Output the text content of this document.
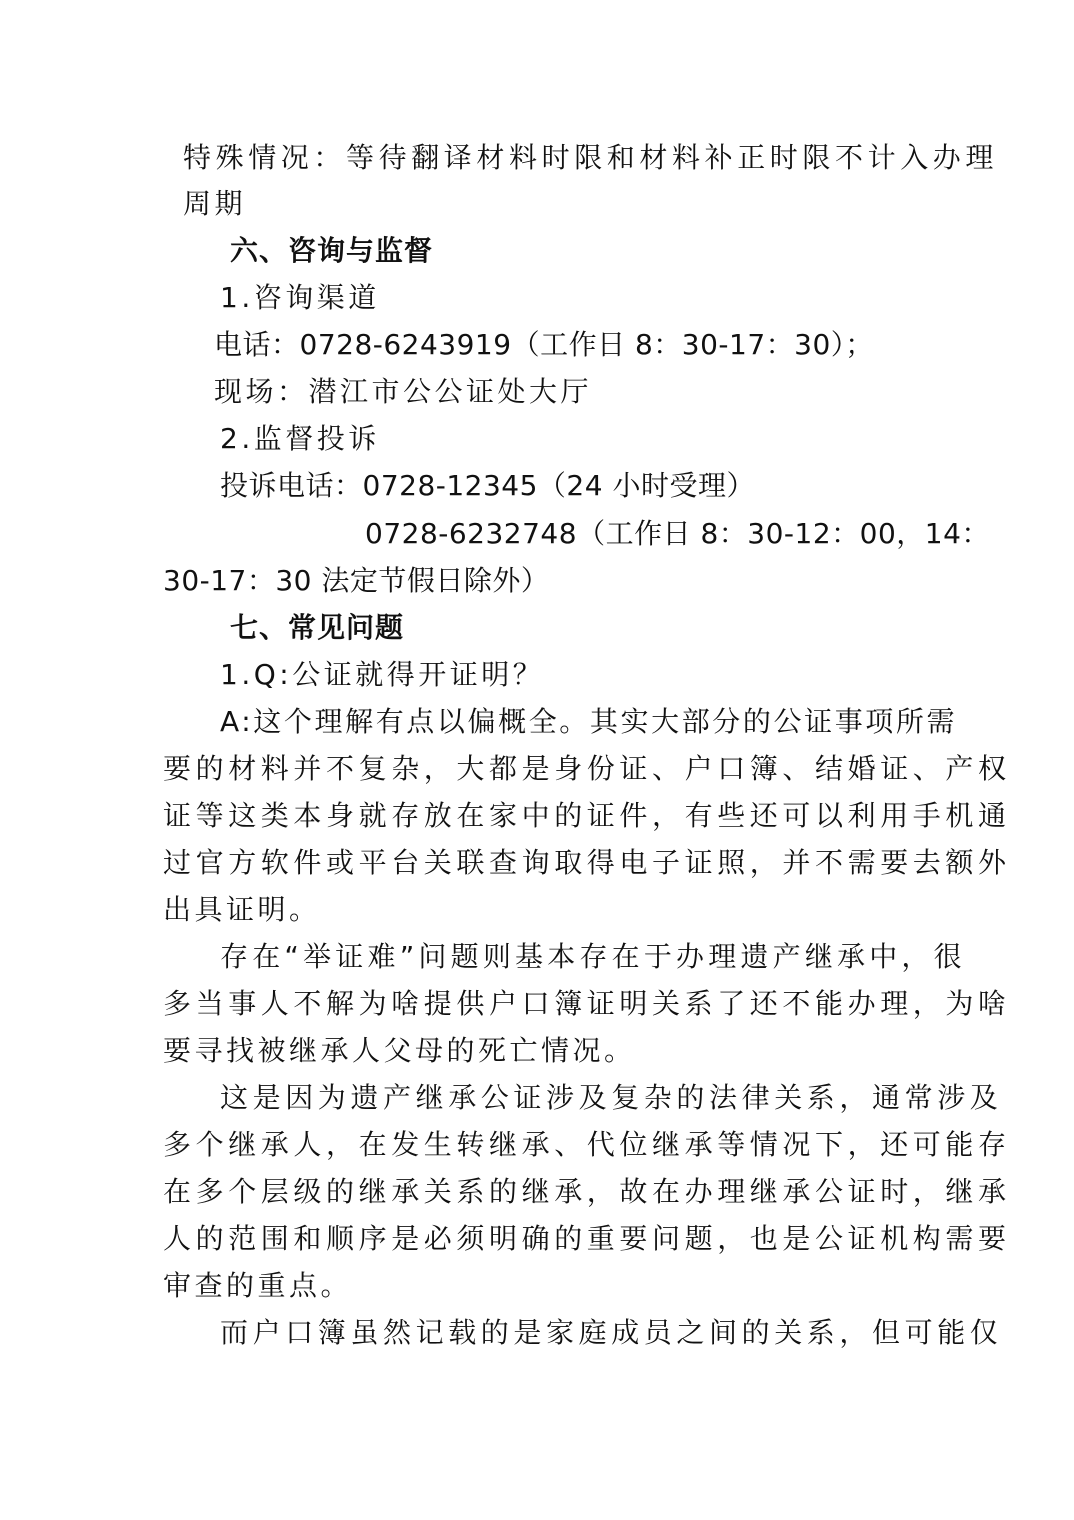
特殊情况：等待翻译材料时限和材料补正时限不计入办理
周期
六、咨询与监督
1.咨询渠道
电话：0728-6243919（工作日 8：30-17：30）；
现场：潜江市公公证处大厅
2.监督投诉
投诉电话：0728-12345（24 小时受理）
0728-6232748（工作日 8：30-12：00，14：
30-17：30 法定节假日除外）
七、常见问题
1.Q:公证就得开证明？
A:这个理解有点以偏概全。其实大部分的公证事项所需
要的材料并不复杂，大都是身份证、户口簿、结婚证、产权
证等这类本身就存放在家中的证件，有些还可以利用手机通
过官方软件或平台关联查询取得电子证照，并不需要去额外
出具证明。
存在“举证难”问题则基本存在于办理遗产继承中，很
多当事人不解为啥提供户口簿证明关系了还不能办理，为啥
要寻找被继承人父母的死亡情况。
这是因为遗产继承公证涉及复杂的法律关系，通常涉及
多个继承人，在发生转继承、代位继承等情况下，还可能存
在多个层级的继承关系的继承，故在办理继承公证时，继承
人的范围和顺序是必须明确的重要问题，也是公证机构需要
审查的重点。
而户口簿虽然记载的是家庭成员之间的关系，但可能仅
